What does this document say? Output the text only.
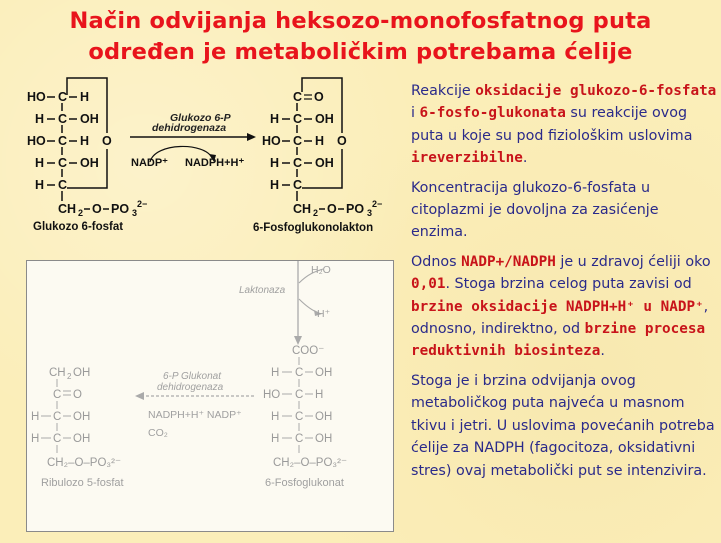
Način odvijanja heksozo-monofosfatnog puta
određen je metaboličkim potrebama ćelije
HO C H
H C OH
HO C H O
H C OH
H C
CH 2 O PO 3
2−
Glukozo 6-fosfat
Glukozo 6-P
dehidrogenaza
NADP⁺ NADPH+H⁺
C O
H C OH
HO C H O
H C OH
H C
CH 2 O PO 3
2−
6-Fosfoglukonolakton
H₂O
Laktonaza
H⁺
COO⁻
H C OH
HO C H
H C OH
H C OH
CH₂–O–PO₃²⁻
6-Fosfoglukonat
6-P Glukonat
dehidrogenaza
NADPH+H⁺ NADP⁺
CO₂
CH 2 OH
C O
H C OH
H C OH
CH₂–O–PO₃²⁻
Ribulozo 5-fosfat

Reakcije oksidacije glukozo-6-fosfata i 6-fosfo-glukonata su reakcije ovog puta u koje su pod fiziološkim uslovima ireverzibilne.

Koncentracija glukozo-6-fosfata u citoplazmi je dovoljna za zasićenje enzima.

Odnos NADP+/NADPH je u zdravoj ćeliji oko 0,01. Stoga brzina celog puta zavisi od brzine oksidacije NADPH+H⁺ u NADP⁺, odnosno, indirektno, od brzine procesa reduktivnih biosinteza.

Stoga je i brzina odvijanja ovog metaboličkog puta najveća u masnom tkivu i jetri. U uslovima povećanih potreba ćelije za NADPH (fagocitoza, oksidativni stres) ovaj metabolički put se intenzivira.
